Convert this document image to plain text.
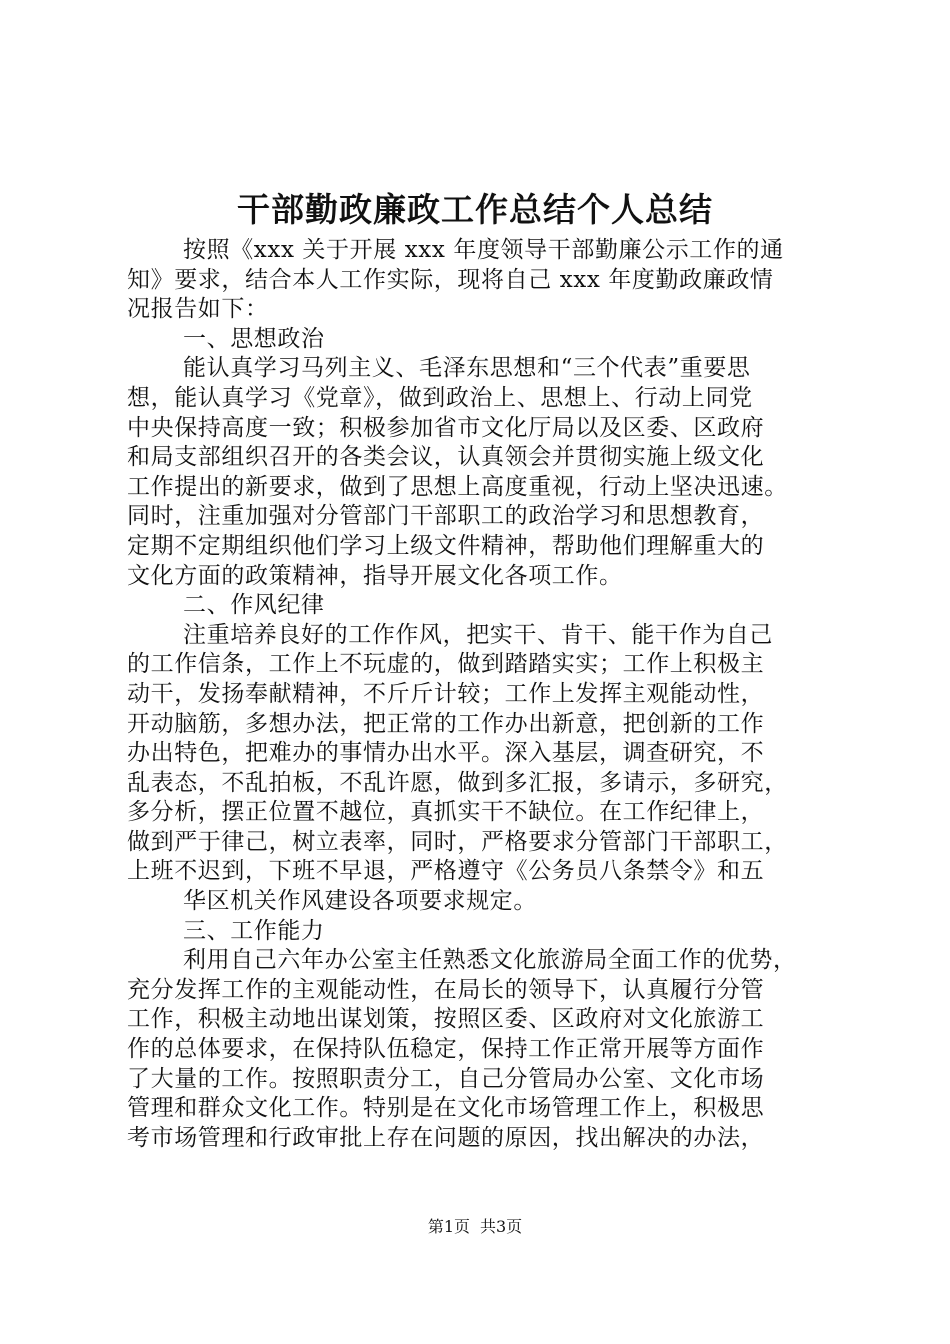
干部勤政廉政工作总结个人总结
按照《xxx 关于开展 xxx 年度领导干部勤廉公示工作的通
知》要求，结合本人工作实际，现将自己 xxx 年度勤政廉政情
况报告如下：
一、思想政治
能认真学习马列主义、毛泽东思想和“三个代表”重要思
想，能认真学习《党章》，做到政治上、思想上、行动上同党
中央保持高度一致；积极参加省市文化厅局以及区委、区政府
和局支部组织召开的各类会议，认真领会并贯彻实施上级文化
工作提出的新要求，做到了思想上高度重视，行动上坚决迅速。
同时，注重加强对分管部门干部职工的政治学习和思想教育，
定期不定期组织他们学习上级文件精神，帮助他们理解重大的
文化方面的政策精神，指导开展文化各项工作。
二、作风纪律
注重培养良好的工作作风，把实干、肯干、能干作为自己
的工作信条，工作上不玩虚的，做到踏踏实实；工作上积极主
动干，发扬奉献精神，不斤斤计较；工作上发挥主观能动性，
开动脑筋，多想办法，把正常的工作办出新意，把创新的工作
办出特色，把难办的事情办出水平。深入基层，调查研究，不
乱表态，不乱拍板，不乱许愿，做到多汇报，多请示，多研究，
多分析，摆正位置不越位，真抓实干不缺位。在工作纪律上，
做到严于律己，树立表率，同时，严格要求分管部门干部职工，
上班不迟到，下班不早退，严格遵守《公务员八条禁令》和五
华区机关作风建设各项要求规定。
三、工作能力
利用自己六年办公室主任熟悉文化旅游局全面工作的优势，
充分发挥工作的主观能动性，在局长的领导下，认真履行分管
工作，积极主动地出谋划策，按照区委、区政府对文化旅游工
作的总体要求，在保持队伍稳定，保持工作正常开展等方面作
了大量的工作。按照职责分工，自己分管局办公室、文化市场
管理和群众文化工作。特别是在文化市场管理工作上，积极思
考市场管理和行政审批上存在问题的原因，找出解决的办法，
第1页 共3页
